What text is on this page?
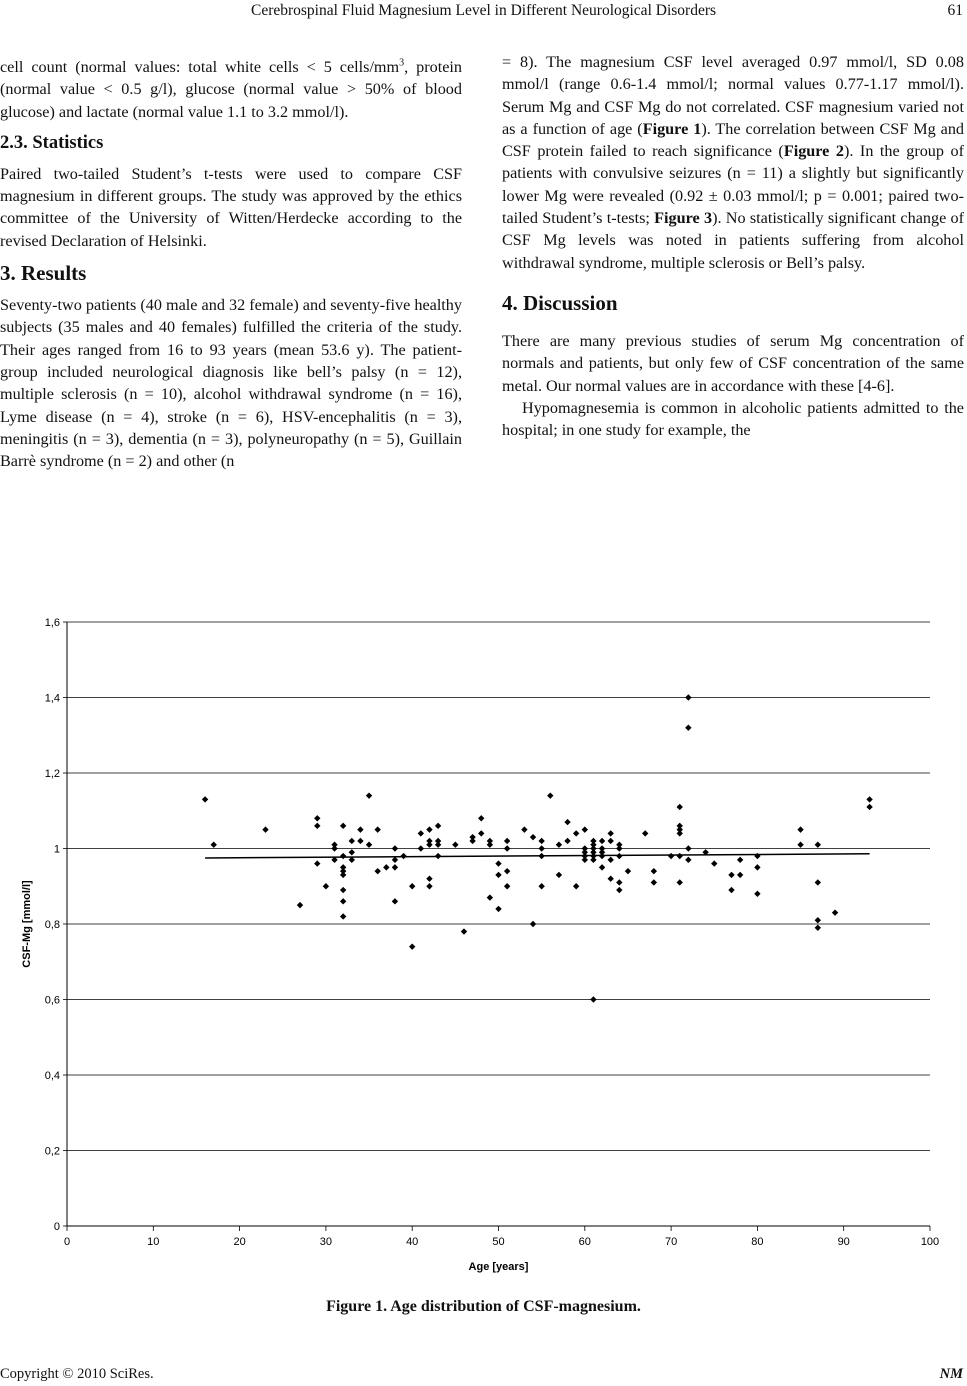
Cerebrospinal Fluid Magnesium Level in Different Neurological Disorders	61

cell count (normal values: total white cells < 5 cells/$mm^3$, protein (normal value < 0.5 g/l), glucose (normal value > 50% of blood glucose) and lactate (normal value 1.1 to 3.2 mmol/l).

2.3. Statistics

Paired two-tailed Student’s t-tests were used to compare CSF magnesium in different groups. The study was approved by the ethics committee of the University of Witten/Herdecke according to the revised Declaration of Helsinki.

3. Results

Seventy-two patients (40 male and 32 female) and seventy-five healthy subjects (35 males and 40 females) fulfilled the criteria of the study. Their ages ranged from 16 to 93 years (mean 53.6 y). The patient-group included neurological diagnosis like bell’s palsy (n = 12), multiple sclerosis (n = 10), alcohol withdrawal syndrome (n = 16), Lyme disease (n = 4), stroke (n = 6), HSV-encephalitis (n = 3), meningitis (n = 3), dementia (n = 3), polyneuropathy (n = 5), Guillain Barrè syndrome (n = 2) and other (n

= 8). The magnesium CSF level averaged 0.97 mmol/l, SD 0.08 mmol/l (range 0.6-1.4 mmol/l; normal values 0.77-1.17 mmol/l). Serum Mg and CSF Mg do not correlated. CSF magnesium varied not as a function of age (Figure 1). The correlation between CSF Mg and CSF protein failed to reach significance (Figure 2). In the group of patients with convulsive seizures (n = 11) a slightly but significantly lower Mg were revealed (0.92 ± 0.03 mmol/l; p = 0.001; paired two-tailed Student’s t-tests; Figure 3). No statistically significant change of CSF Mg levels was noted in patients suffering from alcohol withdrawal syndrome, multiple sclerosis or Bell’s palsy.

4. Discussion

There are many previous studies of serum Mg concentration of normals and patients, but only few of CSF concentration of the same metal. Our normal values are in accordance with these [4-6].

Hypomagnesemia is common in alcoholic patients admitted to the hospital; in one study for example, the

0
0,2
0,4
0,6
0,8
1
1,2
1,4
1,6
0	10	20	30	40	50	60	70	80	90	100
Age [years]
CSF-Mg [mmol/l]
Figure 1. Age distribution of CSF-magnesium.
Copyright © 2010 SciRes.	NM
